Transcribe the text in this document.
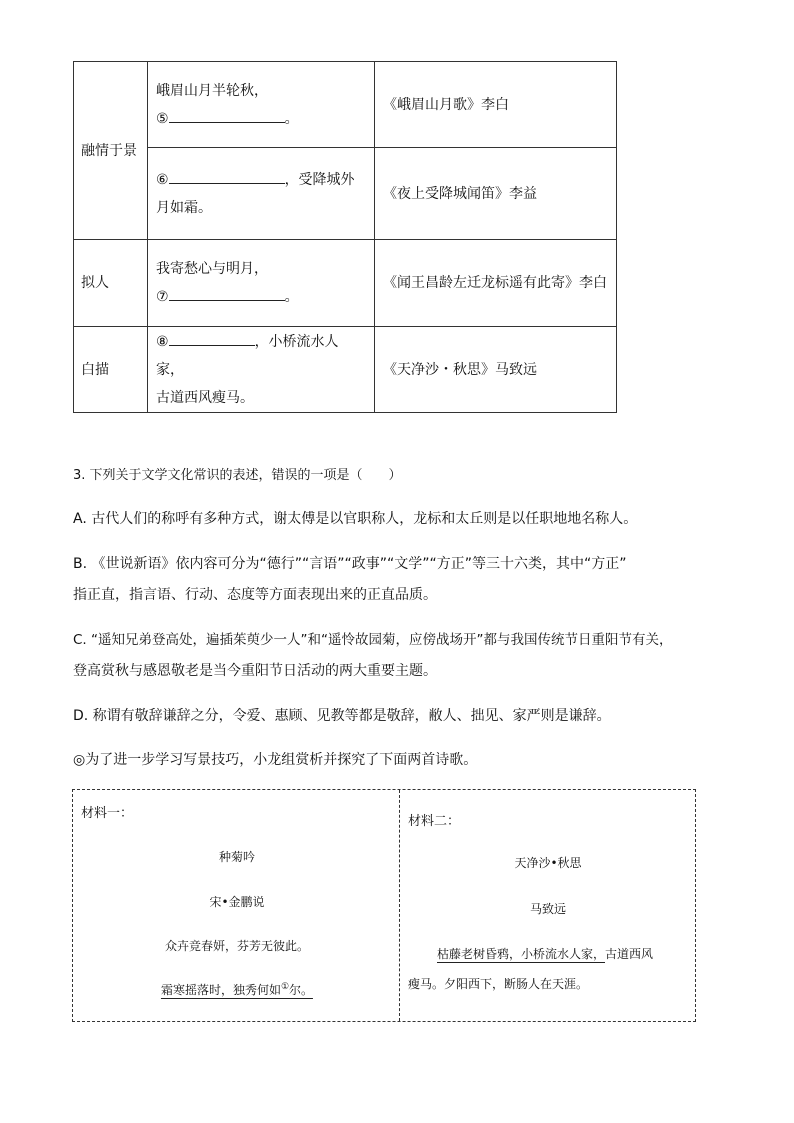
融情于景	峨眉山月半轮秋，
⑤ 。	《峨眉山月歌》李白

	⑥ ，受降城外
月如霜。	《夜上受降城闻笛》李益
拟人	我寄愁心与明月，
⑦ 。	《闻王昌龄左迁龙标遥有此寄》李白
白描	⑧ ，小桥流水人家，
古道西风瘦马。	《天净沙・秋思》马致远

3. 下列关于文学文化常识的表述，错误的一项是（　　）

A. 古代人们的称呼有多种方式，谢太傅是以官职称人，龙标和太丘则是以任职地地名称人。

B. 《世说新语》依内容可分为“德行”“言语”“政事”“文学”“方正”等三十六类，其中“方正”

指正直，指言语、行动、态度等方面表现出来的正直品质。

C. “遥知兄弟登高处，遍插茱萸少一人”和“遥怜故园菊，应傍战场开”都与我国传统节日重阳节有关，

登高赏秋与感恩敬老是当今重阳节日活动的两大重要主题。

D. 称谓有敬辞谦辞之分，令爱、惠顾、见教等都是敬辞，敝人、拙见、家严则是谦辞。

◎为了进一步学习写景技巧，小龙组赏析并探究了下面两首诗歌。

材料一：
种菊吟
宋•金鹏说
众卉竞春妍，芬芳无彼此。
霜寒摇落时，独秀何如①尔。
材料二：
天净沙•秋思
马致远
枯藤老树昏鸦，小桥流水人家，古道西风
瘦马。夕阳西下，断肠人在天涯。
